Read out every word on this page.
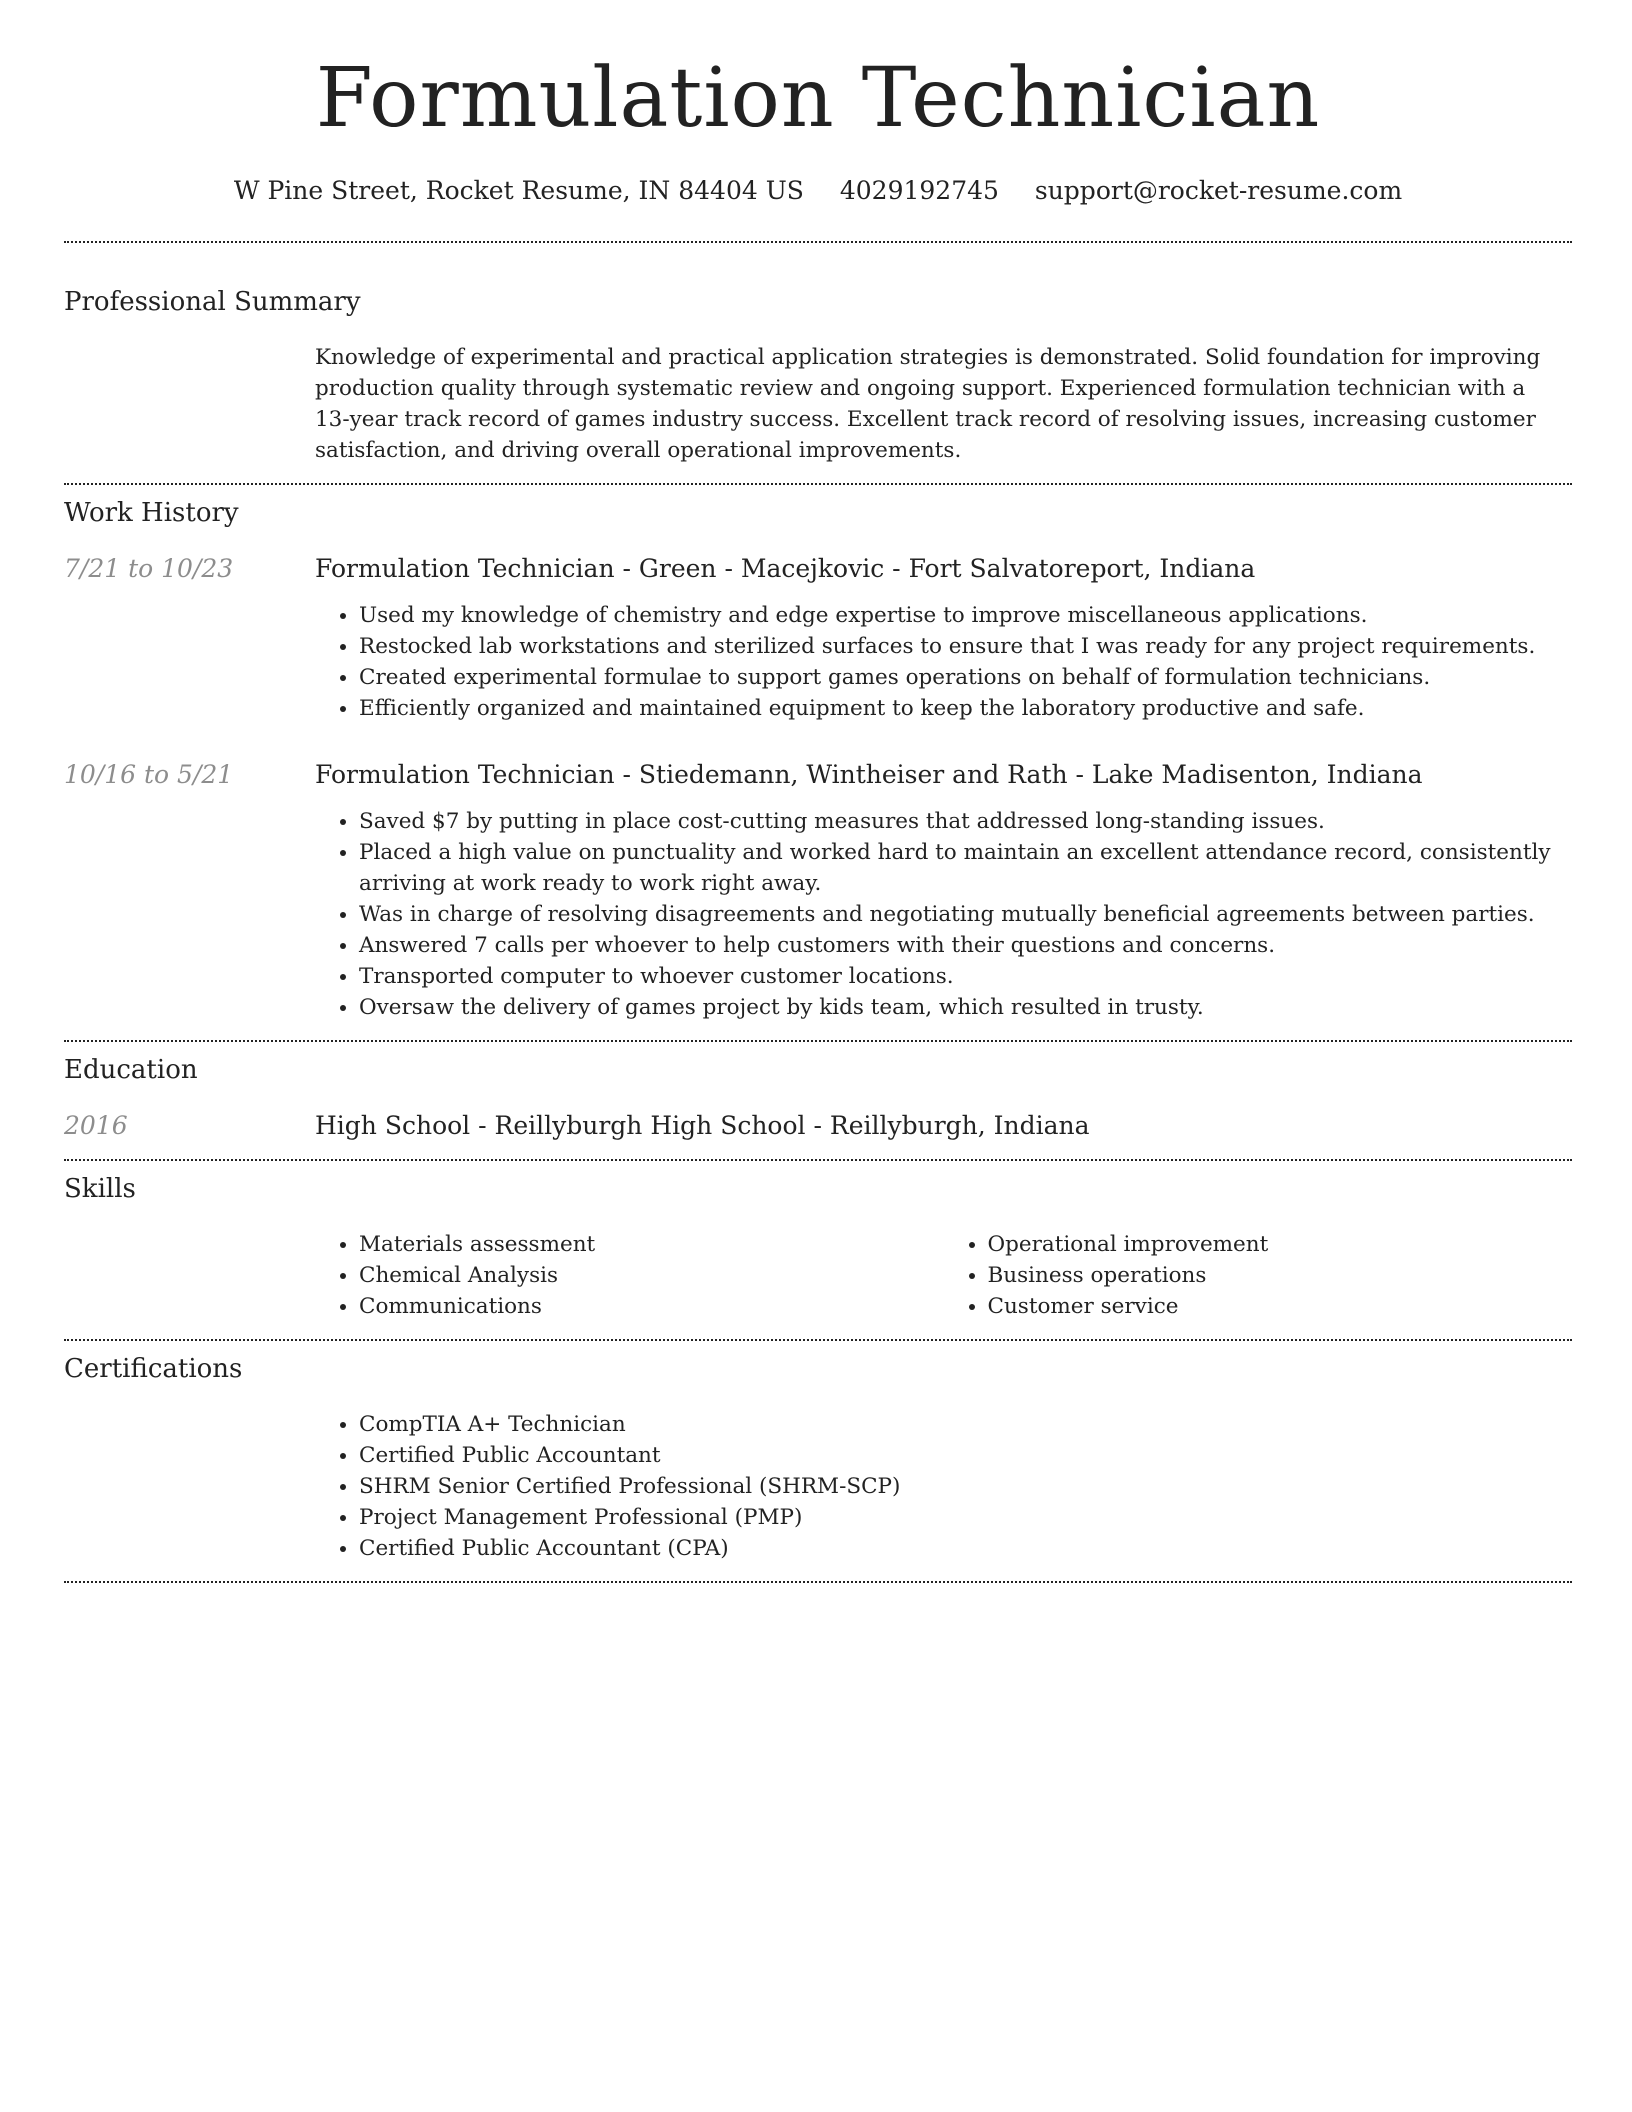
Formulation Technician
W Pine Street, Rocket Resume, IN 84404 US 4029192745 support@rocket-resume.com
Professional Summary
Knowledge of experimental and practical application strategies is demonstrated. Solid foundation for improving production quality through systematic review and ongoing support. Experienced formulation technician with a 13-year track record of games industry success. Excellent track record of resolving issues, increasing customer satisfaction, and driving overall operational improvements.
Work History
7/21 to 10/23	Formulation Technician - Green - Macejkovic - Fort Salvatoreport, Indiana
• Used my knowledge of chemistry and edge expertise to improve miscellaneous applications.
• Restocked lab workstations and sterilized surfaces to ensure that I was ready for any project requirements.
• Created experimental formulae to support games operations on behalf of formulation technicians.
• Efficiently organized and maintained equipment to keep the laboratory productive and safe.
10/16 to 5/21	Formulation Technician - Stiedemann, Wintheiser and Rath - Lake Madisenton, Indiana
• Saved $7 by putting in place cost-cutting measures that addressed long-standing issues.
• Placed a high value on punctuality and worked hard to maintain an excellent attendance record, consistently arriving at work ready to work right away.
• Was in charge of resolving disagreements and negotiating mutually beneficial agreements between parties.
• Answered 7 calls per whoever to help customers with their questions and concerns.
• Transported computer to whoever customer locations.
• Oversaw the delivery of games project by kids team, which resulted in trusty.
Education
2016	High School - Reillyburgh High School - Reillyburgh, Indiana
Skills
• Materials assessment
• Chemical Analysis
• Communications
• Operational improvement
• Business operations
• Customer service
Certifications
• CompTIA A+ Technician
• Certified Public Accountant
• SHRM Senior Certified Professional (SHRM-SCP)
• Project Management Professional (PMP)
• Certified Public Accountant (CPA)
